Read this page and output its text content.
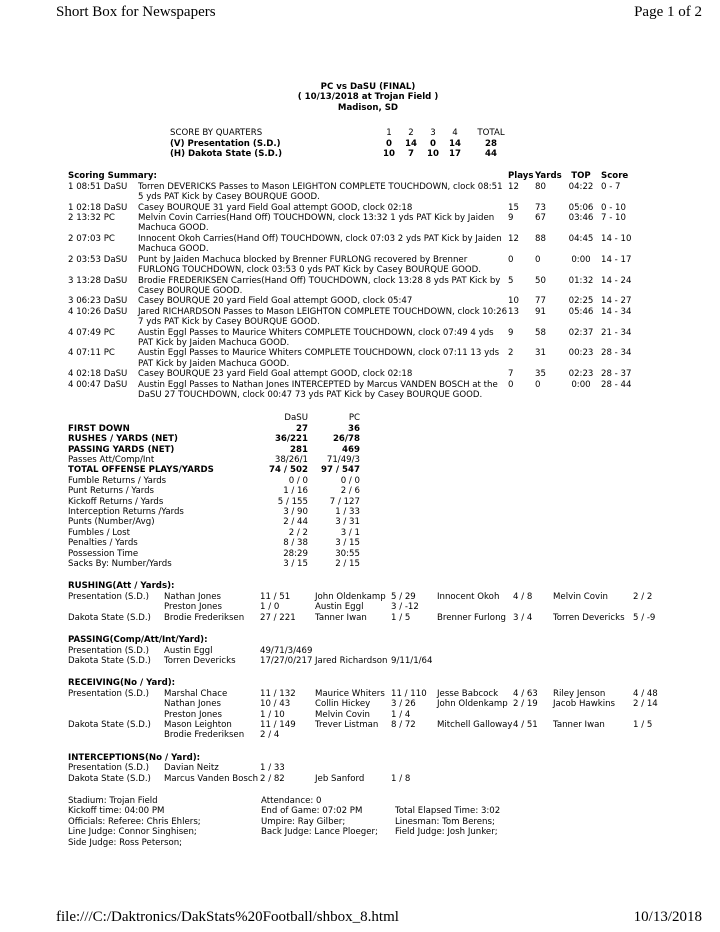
Short Box for Newspapers	Page 1 of 2
PC vs DaSU (FINAL)
( 10/13/2018 at Trojan Field )
Madison, SD
SCORE BY QUARTERS	1	2	3	4	TOTAL
(V) Presentation (S.D.)	0	14	0	14	28
(H) Dakota State (S.D.)	10	7	10	17	44
Scoring Summary:		Plays	Yards	TOP	Score
1 08:51 DaSU	Torren DEVERICKS Passes to Mason LEIGHTON COMPLETE TOUCHDOWN, clock 08:51 5 yds PAT Kick by Casey BOURQUE GOOD.	12	80	04:22	0 - 7
1 02:18 DaSU	Casey BOURQUE 31 yard Field Goal attempt GOOD, clock 02:18	15	73	05:06	0 - 10
2 13:32 PC	Melvin Covin Carries(Hand Off) TOUCHDOWN, clock 13:32 1 yds PAT Kick by Jaiden Machuca GOOD.	9	67	03:46	7 - 10
2 07:03 PC	Innocent Okoh Carries(Hand Off) TOUCHDOWN, clock 07:03 2 yds PAT Kick by Jaiden Machuca GOOD.	12	88	04:45	14 - 10
2 03:53 DaSU	Punt by Jaiden Machuca blocked by Brenner FURLONG recovered by Brenner FURLONG TOUCHDOWN, clock 03:53 0 yds PAT Kick by Casey BOURQUE GOOD.	0	0	0:00	14 - 17
3 13:28 DaSU	Brodie FREDERIKSEN Carries(Hand Off) TOUCHDOWN, clock 13:28 8 yds PAT Kick by Casey BOURQUE GOOD.	5	50	01:32	14 - 24
3 06:23 DaSU	Casey BOURQUE 20 yard Field Goal attempt GOOD, clock 05:47	10	77	02:25	14 - 27
4 10:26 DaSU	Jared RICHARDSON Passes to Mason LEIGHTON COMPLETE TOUCHDOWN, clock 10:26 7 yds PAT Kick by Casey BOURQUE GOOD.	13	91	05:46	14 - 34
4 07:49 PC	Austin Eggl Passes to Maurice Whiters COMPLETE TOUCHDOWN, clock 07:49 4 yds PAT Kick by Jaiden Machuca GOOD.	9	58	02:37	21 - 34
4 07:11 PC	Austin Eggl Passes to Maurice Whiters COMPLETE TOUCHDOWN, clock 07:11 13 yds PAT Kick by Jaiden Machuca GOOD.	2	31	00:23	28 - 34
4 02:18 DaSU	Casey BOURQUE 23 yard Field Goal attempt GOOD, clock 02:18	7	35	02:23	28 - 37
4 00:47 DaSU	Austin Eggl Passes to Nathan Jones INTERCEPTED by Marcus VANDEN BOSCH at the DaSU 27 TOUCHDOWN, clock 00:47 73 yds PAT Kick by Casey BOURQUE GOOD.	0	0	0:00	28 - 44
	DaSU	PC
FIRST DOWN	27	36
RUSHES / YARDS (NET)	36/221	26/78
PASSING YARDS (NET)	281	469
Passes Att/Comp/Int	38/26/1	71/49/3
TOTAL OFFENSE PLAYS/YARDS	74 / 502	97 / 547
Fumble Returns / Yards	0 / 0	0 / 0
Punt Returns / Yards	1 / 16	2 / 6
Kickoff Returns / Yards	5 / 155	7 / 127
Interception Returns /Yards	3 / 90	1 / 33
Punts (Number/Avg)	2 / 44	3 / 31
Fumbles / Lost	2 / 2	3 / 1
Penalties / Yards	8 / 38	3 / 15
Possession Time	28:29	30:55
Sacks By: Number/Yards	3 / 15	2 / 15
RUSHING(Att / Yards):
Presentation (S.D.)	Nathan Jones	11 / 51	John Oldenkamp	5 / 29	Innocent Okoh	4 / 8	Melvin Covin	2 / 2
	Preston Jones	1 / 0	Austin Eggl	3 / -12				
Dakota State (S.D.)	Brodie Frederiksen	27 / 221	Tanner Iwan	1 / 5	Brenner Furlong	3 / 4	Torren Devericks	5 / -9
PASSING(Comp/Att/Int/Yard):
Presentation (S.D.)	Austin Eggl	49/71/3/469		
Dakota State (S.D.)	Torren Devericks	17/27/0/217	Jared Richardson	9/11/1/64
RECEIVING(No / Yard):
Presentation (S.D.)	Marshal Chace	11 / 132	Maurice Whiters	11 / 110	Jesse Babcock	4 / 63	Riley Jenson	4 / 48
	Nathan Jones	10 / 43	Collin Hickey	3 / 26	John Oldenkamp	2 / 19	Jacob Hawkins	2 / 14
	Preston Jones	1 / 10	Melvin Covin	1 / 4				
Dakota State (S.D.)	Mason Leighton	11 / 149	Trever Listman	8 / 72	Mitchell Galloway	4 / 51	Tanner Iwan	1 / 5
	Brodie Frederiksen	2 / 4						
INTERCEPTIONS(No / Yard):
Presentation (S.D.)	Davian Neitz	1 / 33		
Dakota State (S.D.)	Marcus Vanden Bosch	2 / 82	Jeb Sanford	1 / 8
Stadium: Trojan Field	Attendance: 0	
Kickoff time: 04:00 PM	End of Game: 07:02 PM	Total Elapsed Time: 3:02
Officials: Referee: Chris Ehlers;	Umpire: Ray Gilber;	Linesman: Tom Berens;
Line Judge: Connor Singhisen;	Back Judge: Lance Ploeger;	Field Judge: Josh Junker;
Side Judge: Ross Peterson;		
file:///C:/Daktronics/DakStats%20Football/shbox_8.html	10/13/2018
